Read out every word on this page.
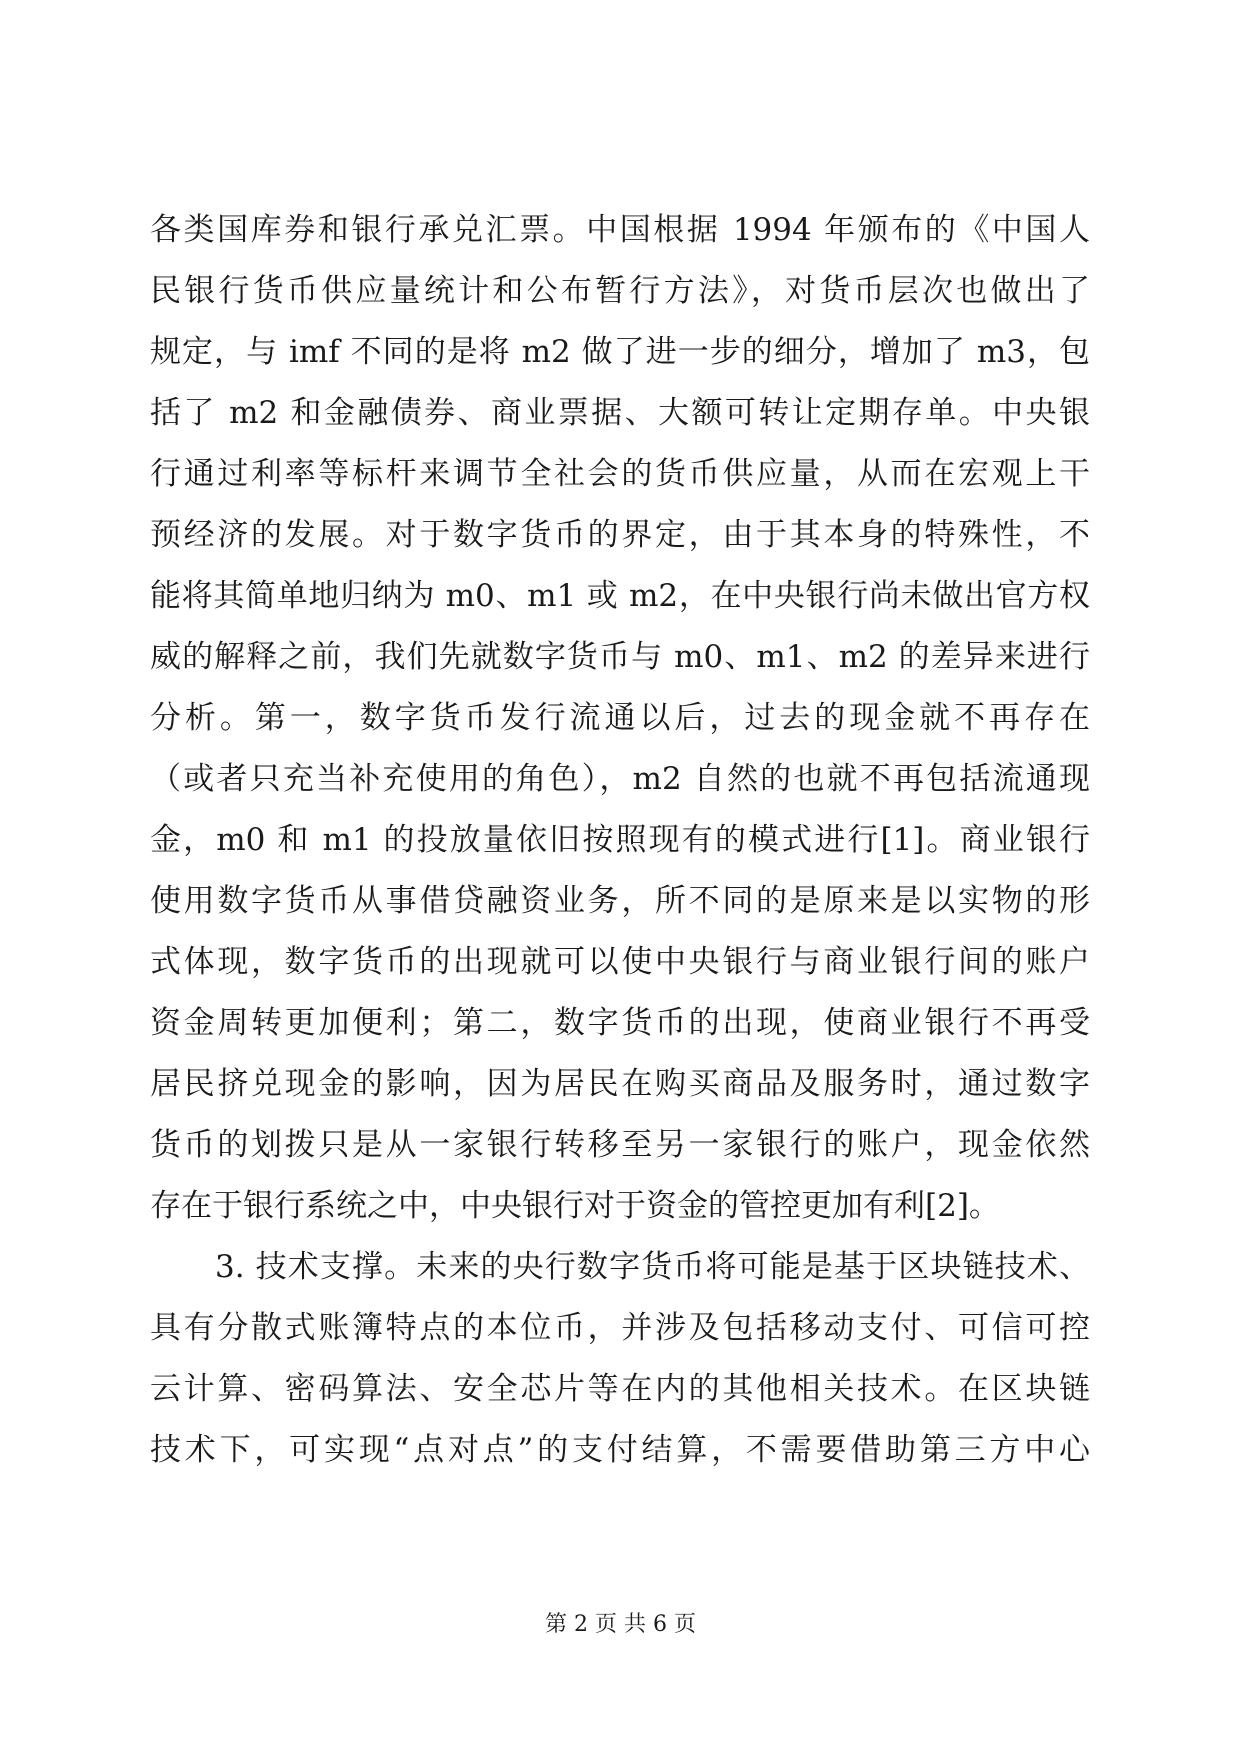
各类国库券和银行承兑汇票。中国根据 1994 年颁布的《中国人
民银行货币供应量统计和公布暂行方法》，对货币层次也做出了
规定，与 imf 不同的是将 m2 做了进一步的细分，增加了 m3，包
括了 m2 和金融债券、商业票据、大额可转让定期存单。中央银
行通过利率等标杆来调节全社会的货币供应量，从而在宏观上干
预经济的发展。对于数字货币的界定，由于其本身的特殊性，不
能将其简单地归纳为 m0、m1 或 m2，在中央银行尚未做出官方权
威的解释之前，我们先就数字货币与 m0、m1、m2 的差异来进行
分析。第一，数字货币发行流通以后，过去的现金就不再存在
（或者只充当补充使用的角色），m2 自然的也就不再包括流通现
金，m0 和 m1 的投放量依旧按照现有的模式进行[1]。商业银行
使用数字货币从事借贷融资业务，所不同的是原来是以实物的形
式体现，数字货币的出现就可以使中央银行与商业银行间的账户
资金周转更加便利；第二，数字货币的出现，使商业银行不再受
居民挤兑现金的影响，因为居民在购买商品及服务时，通过数字
货币的划拨只是从一家银行转移至另一家银行的账户，现金依然
存在于银行系统之中，中央银行对于资金的管控更加有利[2]。
3. 技术支撑。未来的央行数字货币将可能是基于区块链技术、
具有分散式账簿特点的本位币，并涉及包括移动支付、可信可控
云计算、密码算法、安全芯片等在内的其他相关技术。在区块链
技术下，可实现“点对点”的支付结算，不需要借助第三方中心
第 2 页 共 6 页
